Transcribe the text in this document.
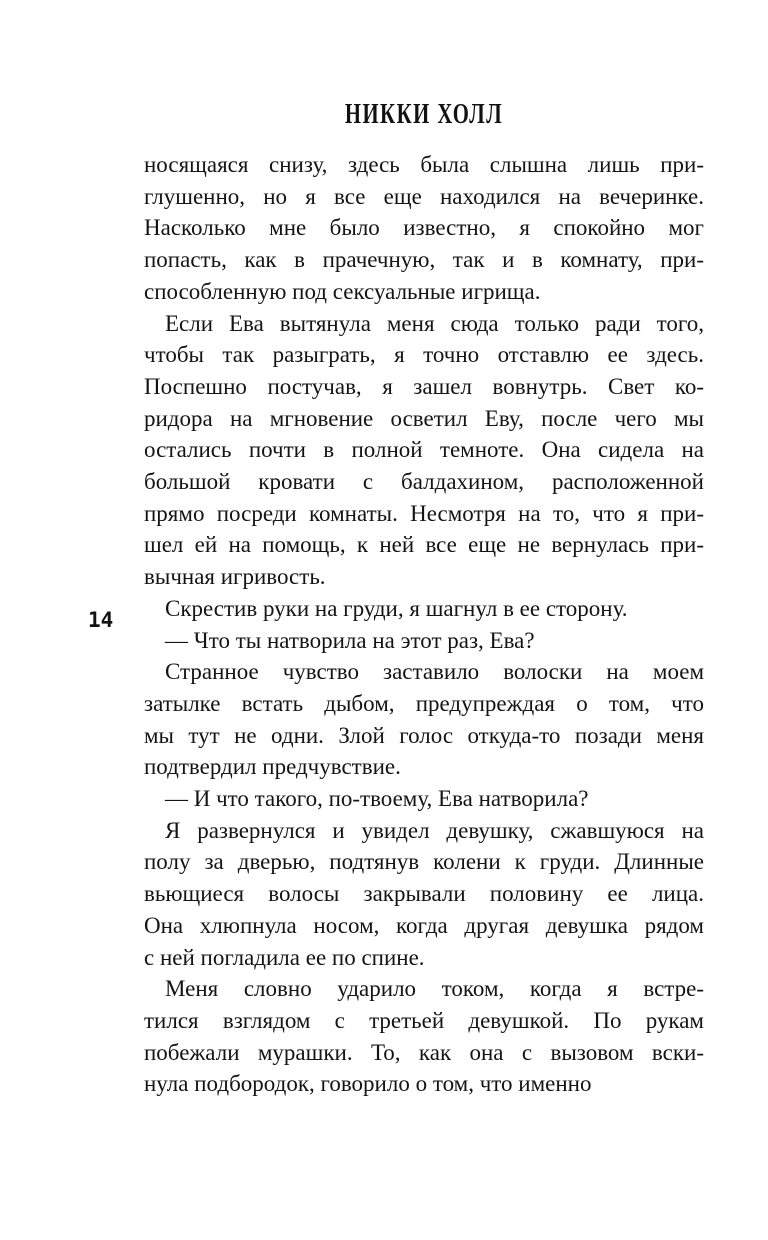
НИККИ ХОЛЛ
14
носящаяся снизу, здесь была слышна лишь при-
глушенно, но я все еще находился на вечеринке.
Насколько мне было известно, я спокойно мог
попасть, как в прачечную, так и в комнату, при-
способленную под сексуальные игрища.
Если Ева вытянула меня сюда только ради того,
чтобы так разыграть, я точно отставлю ее здесь.
Поспешно постучав, я зашел вовнутрь. Свет ко-
ридора на мгновение осветил Еву, после чего мы
остались почти в полной темноте. Она сидела на
большой кровати с балдахином, расположенной
прямо посреди комнаты. Несмотря на то, что я при-
шел ей на помощь, к ней все еще не вернулась при-
вычная игривость.
Скрестив руки на груди, я шагнул в ее сторону.
— Что ты натворила на этот раз, Ева?
Странное чувство заставило волоски на моем
затылке встать дыбом, предупреждая о том, что
мы тут не одни. Злой голос откуда-то позади меня
подтвердил предчувствие.
— И что такого, по-твоему, Ева натворила?
Я развернулся и увидел девушку, сжавшуюся на
полу за дверью, подтянув колени к груди. Длинные
вьющиеся волосы закрывали половину ее лица.
Она хлюпнула носом, когда другая девушка рядом
с ней погладила ее по спине.
Меня словно ударило током, когда я встре-
тился взглядом с третьей девушкой. По рукам
побежали мурашки. То, как она с вызовом вски-
нула подбородок, говорило о том, что именно
